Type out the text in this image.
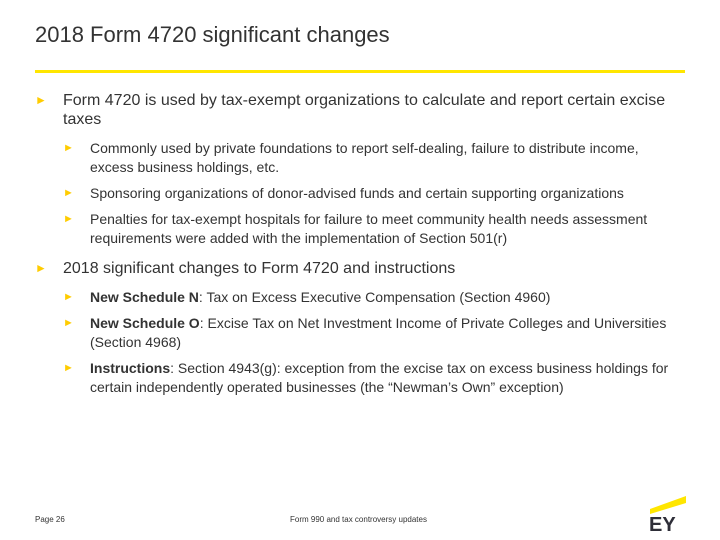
2018 Form 4720 significant changes
► Form 4720 is used by tax-exempt organizations to calculate and report certain excise taxes
► Commonly used by private foundations to report self-dealing, failure to distribute income, excess business holdings, etc.
► Sponsoring organizations of donor-advised funds and certain supporting organizations
► Penalties for tax-exempt hospitals for failure to meet community health needs assessment requirements were added with the implementation of Section 501(r)
► 2018 significant changes to Form 4720 and instructions
► New Schedule N: Tax on Excess Executive Compensation (Section 4960)
► New Schedule O: Excise Tax on Net Investment Income of Private Colleges and Universities (Section 4968)
► Instructions: Section 4943(g): exception from the excise tax on excess business holdings for certain independently operated businesses (the “Newman’s Own” exception)
Page 26	Form 990 and tax controversy updates	EY
